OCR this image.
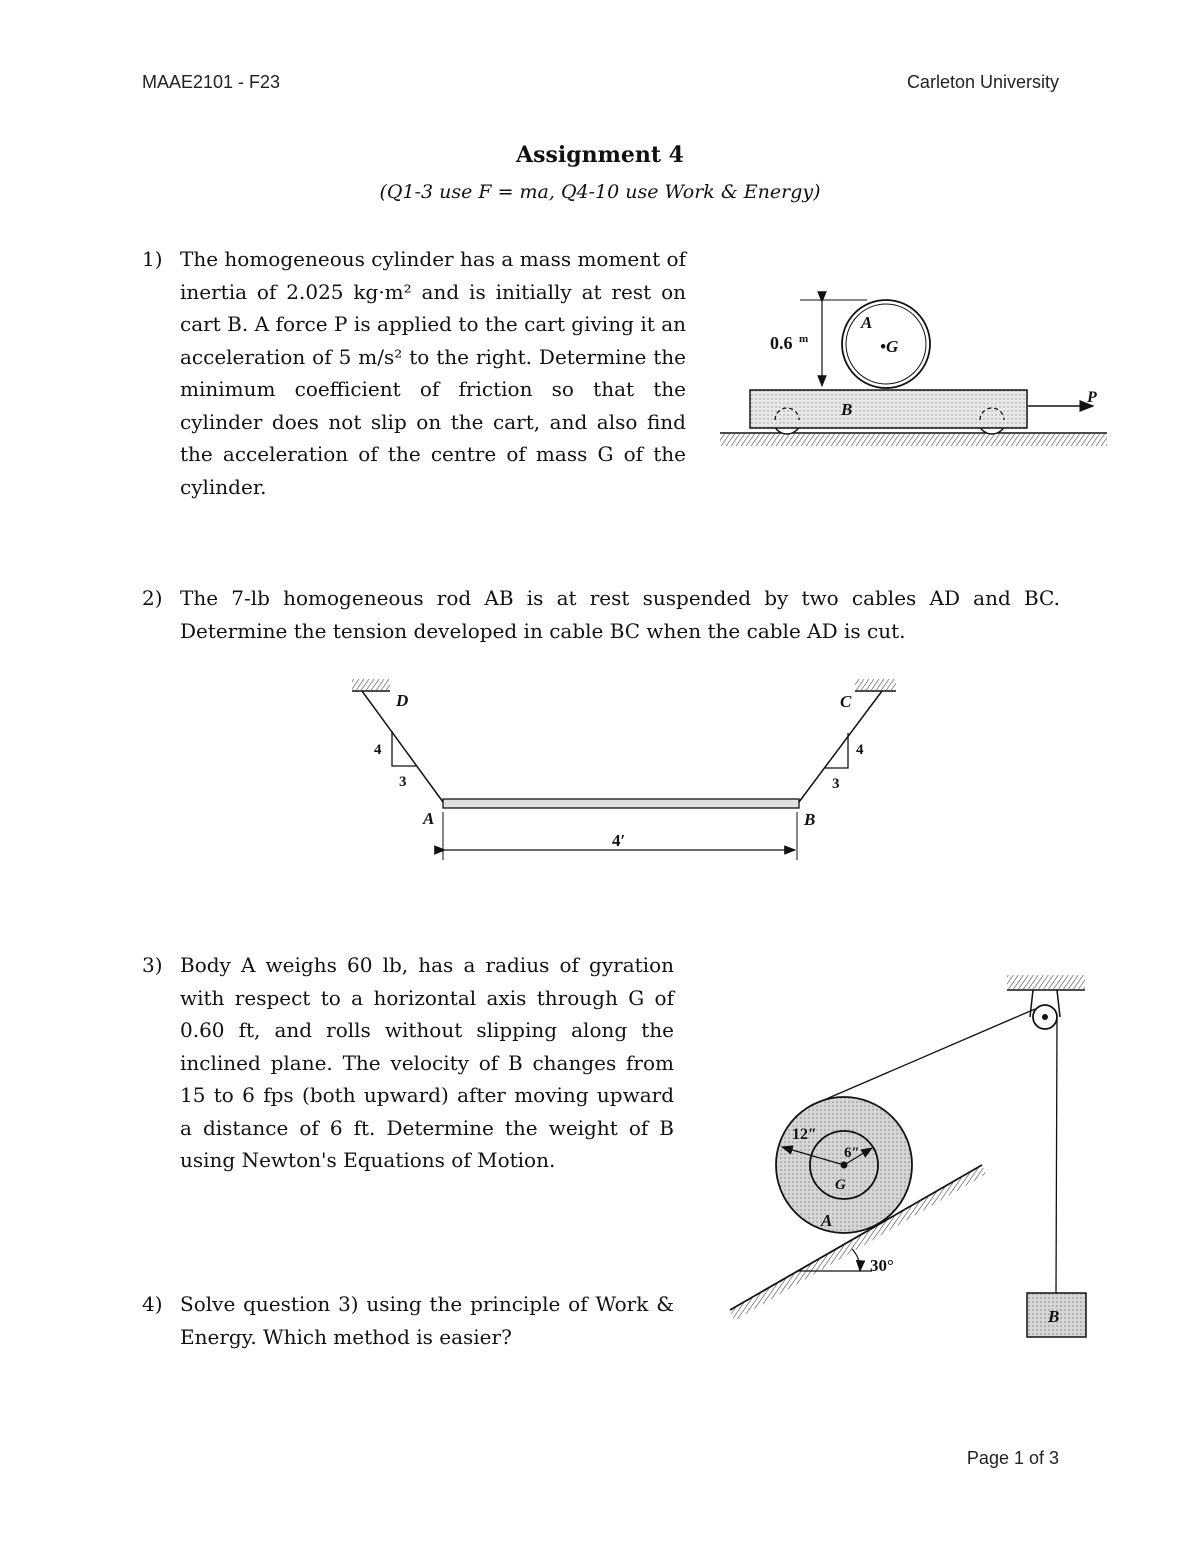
MAAE2101 - F23	Carleton University
Assignment 4
(Q1-3 use F = ma, Q4-10 use Work & Energy)
1) The homogeneous cylinder has a mass moment of inertia of 2.025 kg·m² and is initially at rest on cart B. A force P is applied to the cart giving it an acceleration of 5 m/s² to the right. Determine the minimum coefficient of friction so that the cylinder does not slip on the cart, and also find the acceleration of the centre of mass G of the cylinder.

2) The 7-lb homogeneous rod AB is at rest suspended by two cables AD and BC. Determine the tension developed in cable BC when the cable AD is cut.

3) Body A weighs 60 lb, has a radius of gyration with respect to a horizontal axis through G of 0.60 ft, and rolls without slipping along the inclined plane. The velocity of B changes from 15 to 6 fps (both upward) after moving upward a distance of 6 ft. Determine the weight of B using Newton's Equations of Motion.

4) Solve question 3) using the principle of Work & Energy. Which method is easier?

0.6 m
A
•G
B
P
D	C
4
3
4
3
A	B
4′
12″
6″
G
A
30°
B
Page 1 of 3
